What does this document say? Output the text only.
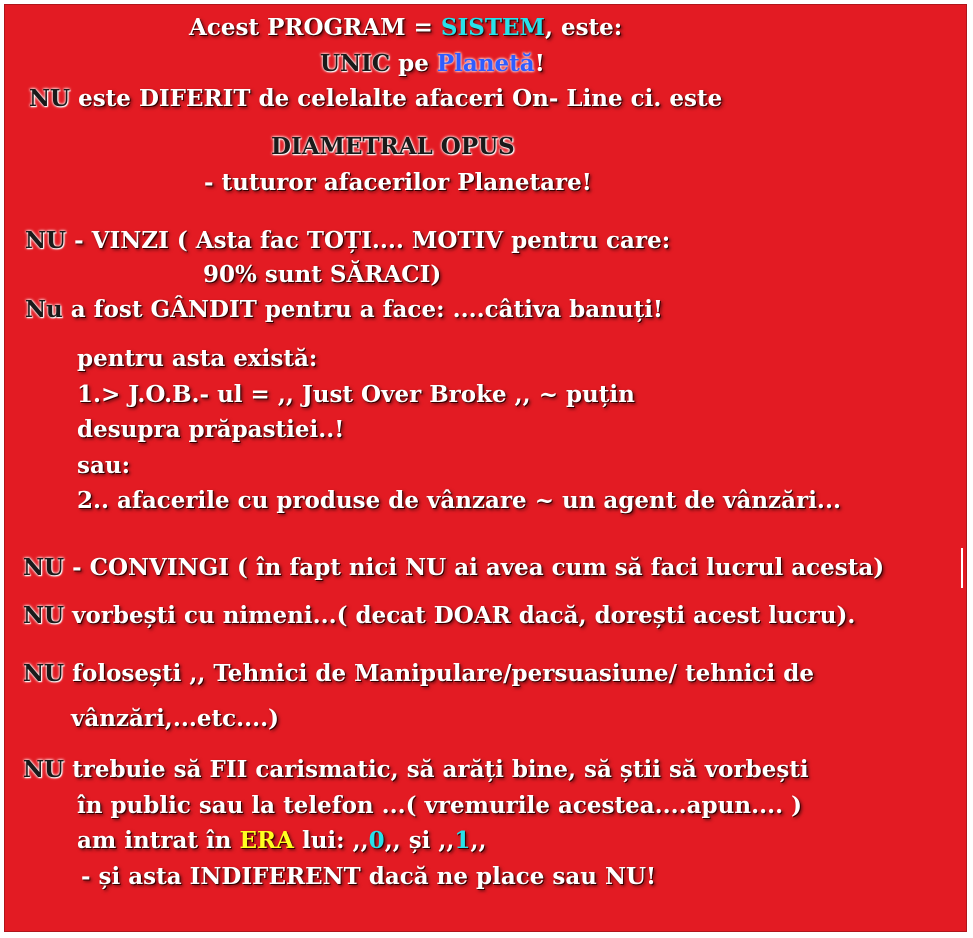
Acest PROGRAM = SISTEM, este:
UNIC pe Planetă!
NU este DIFERIT de celelalte afaceri On- Line ci. este
DIAMETRAL OPUS
- tuturor afacerilor Planetare!
NU - VINZI ( Asta fac TOȚI.... MOTIV pentru care:
90% sunt SĂRACI)
Nu a fost GÂNDIT pentru a face: ....câtiva banuți!
pentru asta există:
1.> J.O.B.- ul = ,, Just Over Broke ,, ~ puțin
desupra prăpastiei..!
sau:
2.. afacerile cu produse de vânzare ~ un agent de vânzări...
NU - CONVINGI ( în fapt nici NU ai avea cum să faci lucrul acesta)
NU vorbești cu nimeni...( decat DOAR dacă, dorești acest lucru).
NU folosești ,, Tehnici de Manipulare/persuasiune/ tehnici de
vânzări,...etc....)
NU trebuie să FII carismatic, să arăți bine, să știi să vorbești
în public sau la telefon ...( vremurile acestea....apun.... )
am intrat în ERA lui: ,,0,, și ,,1,,
- și asta INDIFERENT dacă ne place sau NU!
